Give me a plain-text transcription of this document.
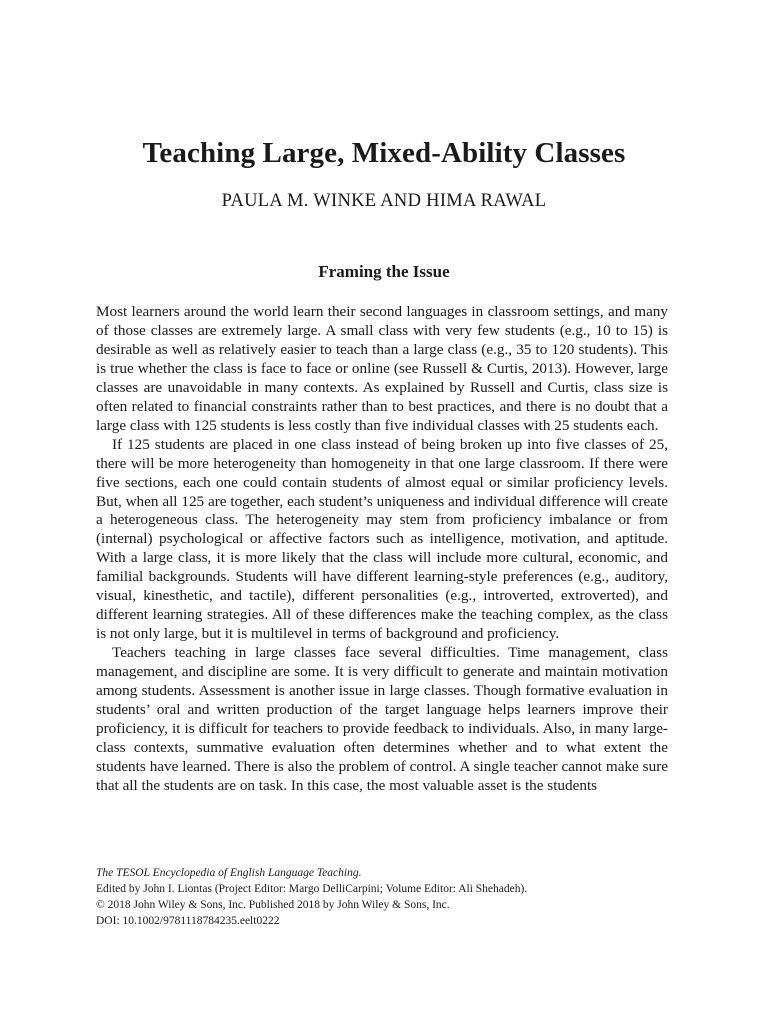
Teaching Large, Mixed-Ability Classes
PAULA M. WINKE AND HIMA RAWAL
Framing the Issue

Most learners around the world learn their second languages in classroom settings, and many of those classes are extremely large. A small class with very few students (e.g., 10 to 15) is desirable as well as relatively easier to teach than a large class (e.g., 35 to 120 students). This is true whether the class is face to face or online (see Russell & Curtis, 2013). However, large classes are unavoidable in many contexts. As explained by Russell and Curtis, class size is often related to financial constraints rather than to best practices, and there is no doubt that a large class with 125 students is less costly than five individual classes with 25 students each.

If 125 students are placed in one class instead of being broken up into five classes of 25, there will be more heterogeneity than homogeneity in that one large classroom. If there were five sections, each one could contain students of almost equal or similar proficiency levels. But, when all 125 are together, each student’s uniqueness and individual difference will create a heterogeneous class. The heterogeneity may stem from proficiency imbalance or from (internal) psychological or affective factors such as intelligence, motivation, and aptitude. With a large class, it is more likely that the class will include more cultural, economic, and familial backgrounds. Students will have different learning-style preferences (e.g., auditory, visual, kinesthetic, and tactile), different personalities (e.g., introverted, extroverted), and different learning strategies. All of these differences make the teaching complex, as the class is not only large, but it is multilevel in terms of background and proficiency.

Teachers teaching in large classes face several difficulties. Time management, class management, and discipline are some. It is very difficult to generate and maintain motivation among students. Assessment is another issue in large classes. Though formative evaluation in students’ oral and written production of the target language helps learners improve their proficiency, it is difficult for teachers to provide feedback to individuals. Also, in many large-class contexts, summative evaluation often determines whether and to what extent the students have learned. There is also the problem of control. A single teacher cannot make sure that all the students are on task. In this case, the most valuable asset is the students

The TESOL Encyclopedia of English Language Teaching.
Edited by John I. Liontas (Project Editor: Margo DelliCarpini; Volume Editor: Ali Shehadeh).
© 2018 John Wiley & Sons, Inc. Published 2018 by John Wiley & Sons, Inc.
DOI: 10.1002/9781118784235.eelt0222
